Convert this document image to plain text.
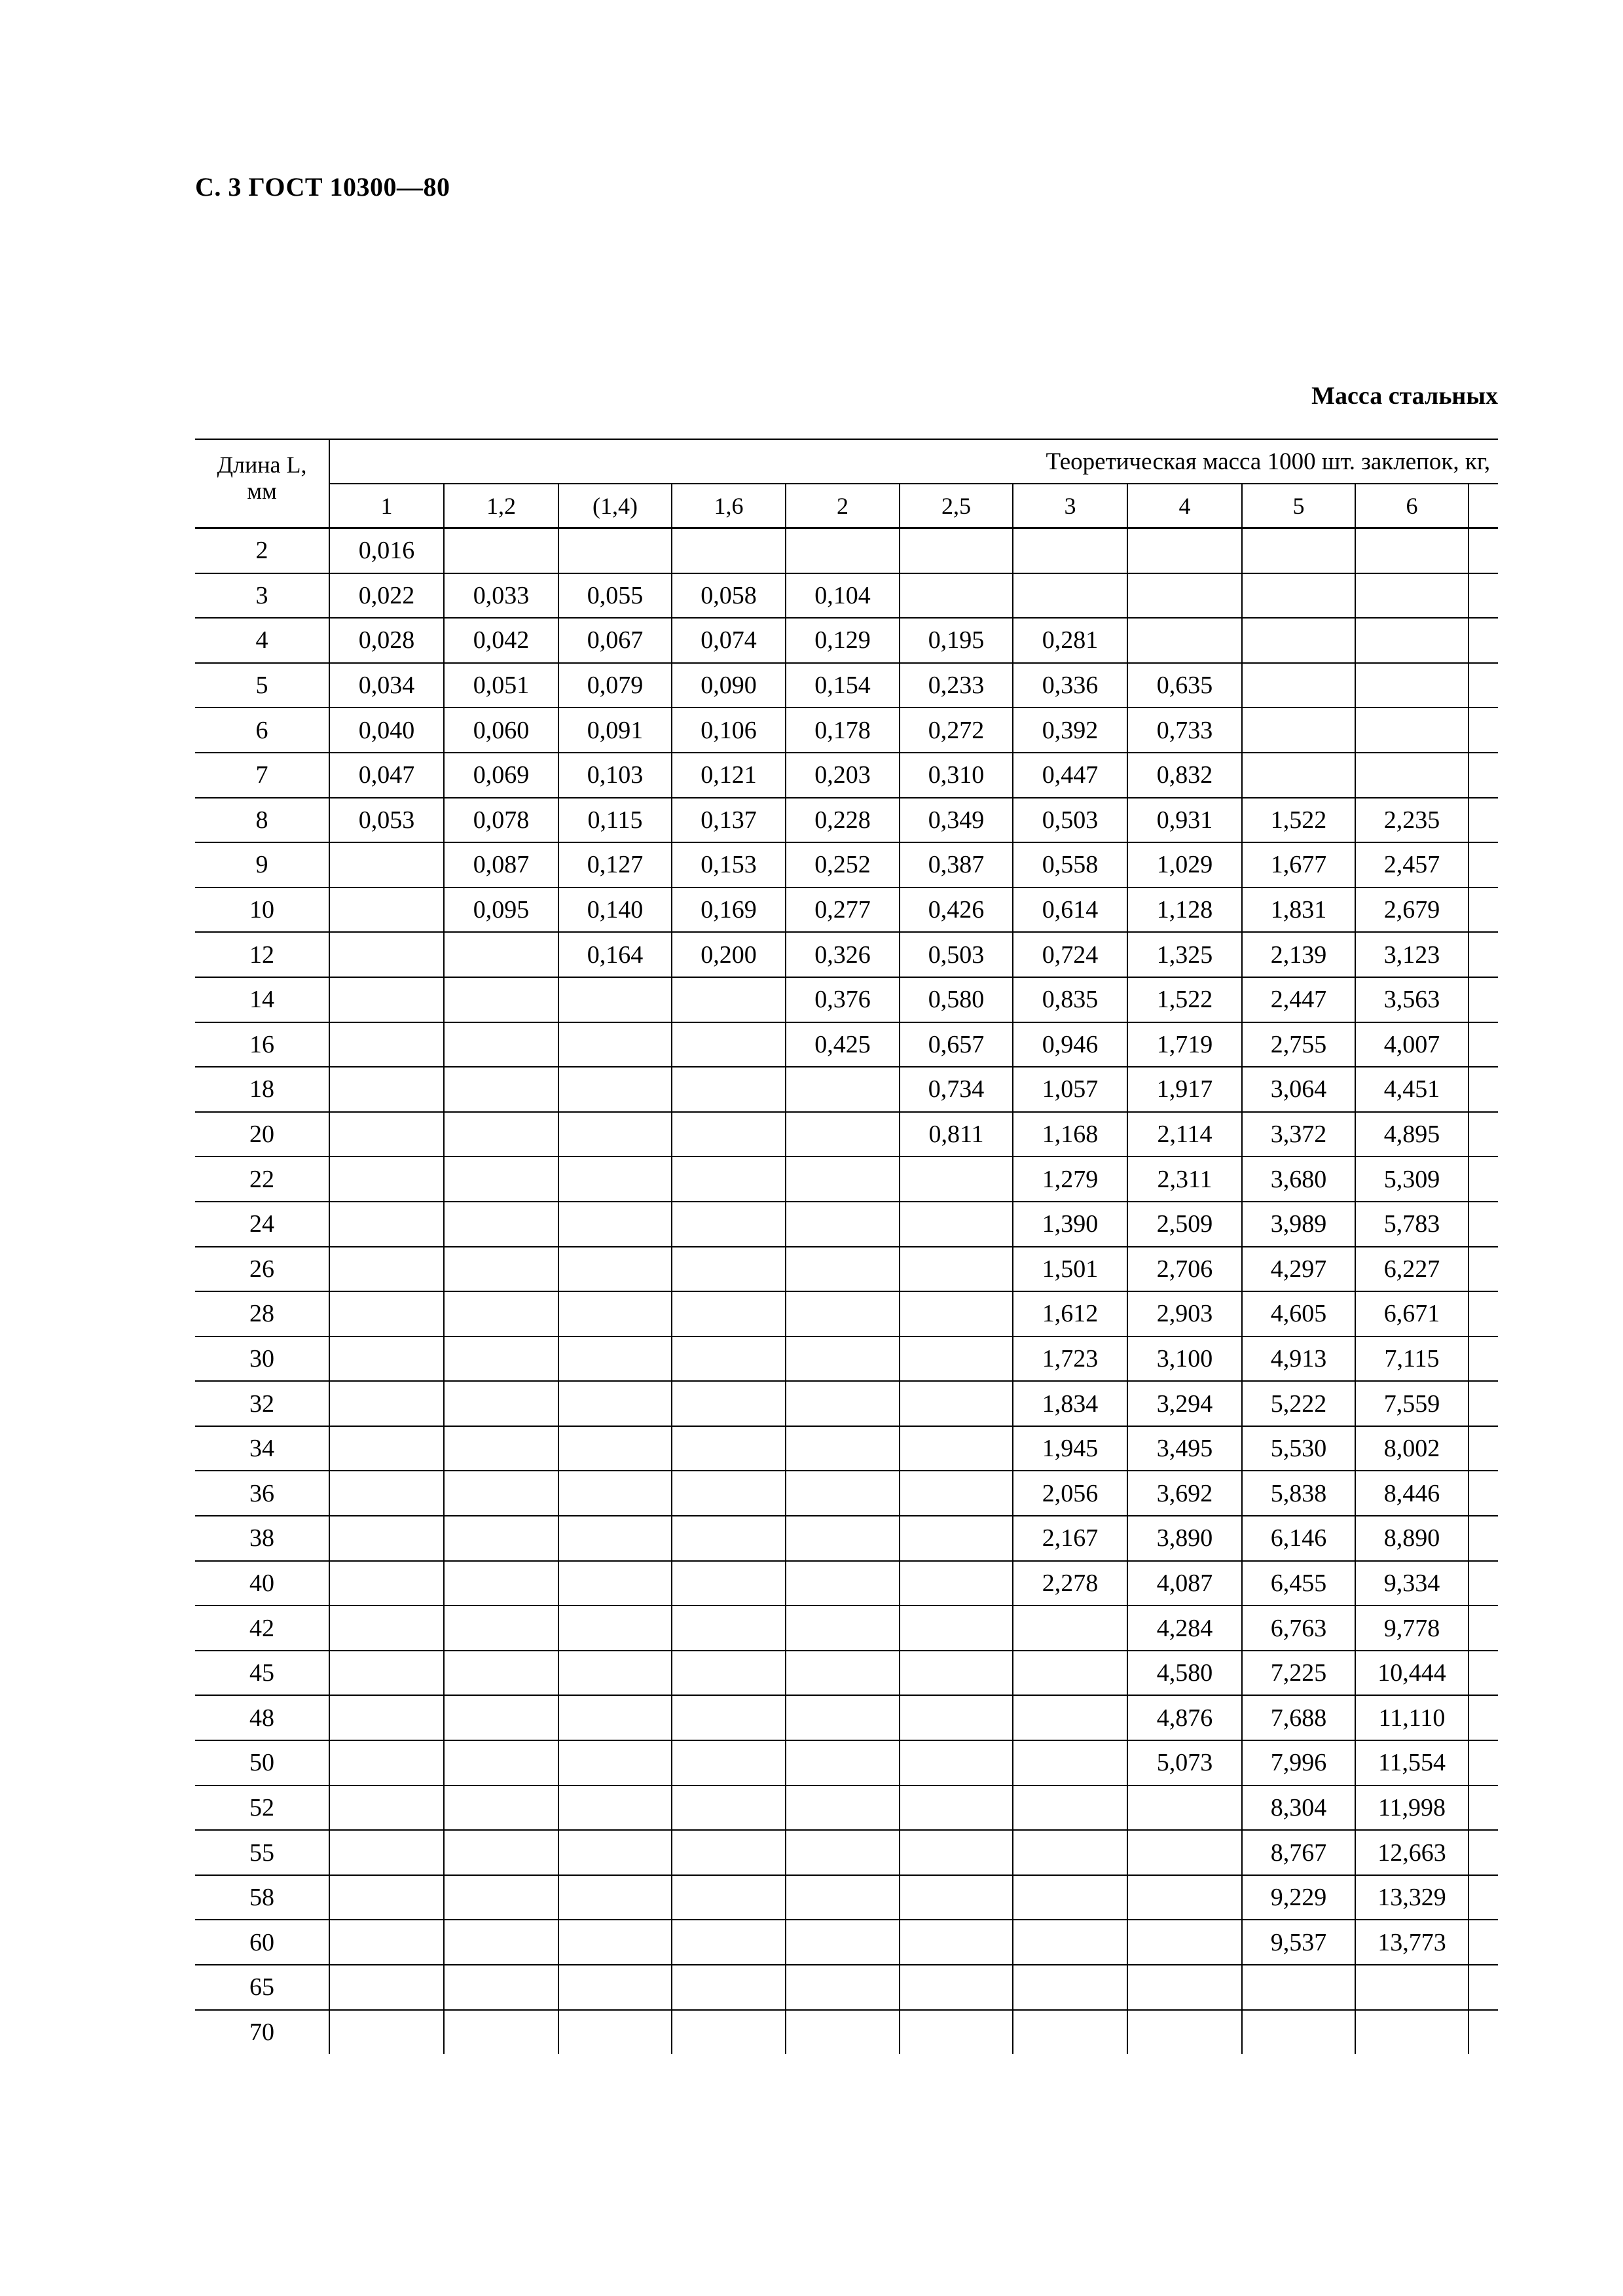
С. 3 ГОСТ 10300—80
Масса стальных
Длина L,
мм	Теоретическая масса 1000 шт. заклепок, кг,										
	1	1,2	(1,4)	1,6	2	2,5	3	4	5	6	
2	0,016										
3	0,022	0,033	0,055	0,058	0,104						
4	0,028	0,042	0,067	0,074	0,129	0,195	0,281				
5	0,034	0,051	0,079	0,090	0,154	0,233	0,336	0,635			
6	0,040	0,060	0,091	0,106	0,178	0,272	0,392	0,733			
7	0,047	0,069	0,103	0,121	0,203	0,310	0,447	0,832			
8	0,053	0,078	0,115	0,137	0,228	0,349	0,503	0,931	1,522	2,235	
9		0,087	0,127	0,153	0,252	0,387	0,558	1,029	1,677	2,457	
10		0,095	0,140	0,169	0,277	0,426	0,614	1,128	1,831	2,679	
12			0,164	0,200	0,326	0,503	0,724	1,325	2,139	3,123	
14					0,376	0,580	0,835	1,522	2,447	3,563	
16					0,425	0,657	0,946	1,719	2,755	4,007	
18						0,734	1,057	1,917	3,064	4,451	
20						0,811	1,168	2,114	3,372	4,895	
22							1,279	2,311	3,680	5,309	
24							1,390	2,509	3,989	5,783	
26							1,501	2,706	4,297	6,227	
28							1,612	2,903	4,605	6,671	
30							1,723	3,100	4,913	7,115	
32							1,834	3,294	5,222	7,559	
34							1,945	3,495	5,530	8,002	
36							2,056	3,692	5,838	8,446	
38							2,167	3,890	6,146	8,890	
40							2,278	4,087	6,455	9,334	
42								4,284	6,763	9,778	
45								4,580	7,225	10,444	
48								4,876	7,688	11,110	
50								5,073	7,996	11,554	
52									8,304	11,998	
55									8,767	12,663	
58									9,229	13,329	
60									9,537	13,773	
65											
70											
